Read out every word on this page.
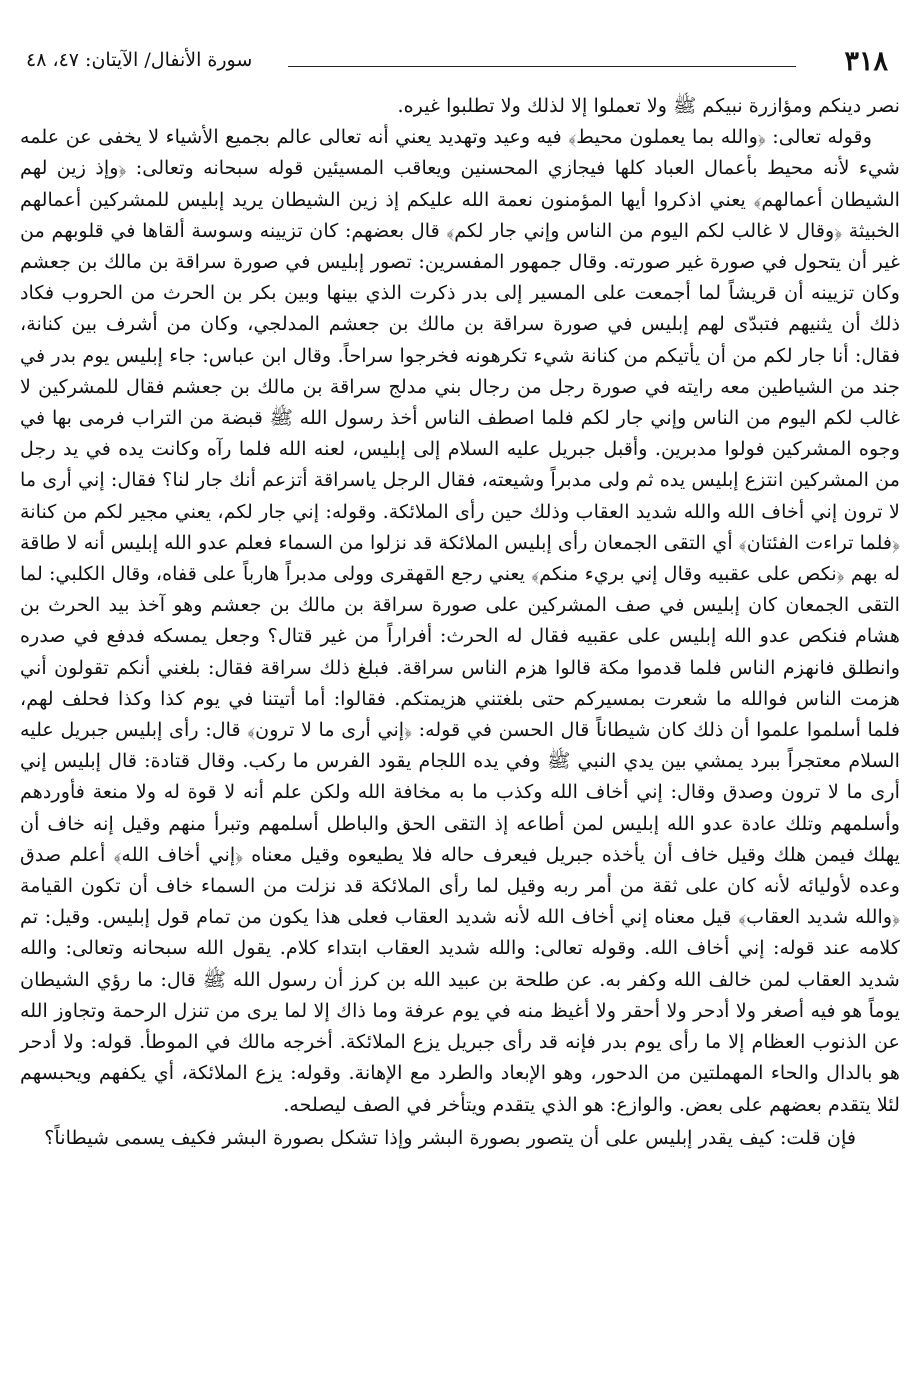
٣١٨
سورة الأنفال/ الآيتان: ٤٧، ٤٨

نصر دينكم ومؤازرة نبيكم ﷺ ولا تعملوا إلا لذلك ولا تطلبوا غيره.

وقوله تعالى: ﴿والله بما يعملون محيط﴾ فيه وعيد وتهديد يعني أنه تعالى عالم بجميع الأشياء لا يخفى عن علمه شيء لأنه محيط بأعمال العباد كلها فيجازي المحسنين ويعاقب المسيئين قوله سبحانه وتعالى: ﴿وإذ زين لهم الشيطان أعمالهم﴾ يعني اذكروا أيها المؤمنون نعمة الله عليكم إذ زين الشيطان يريد إبليس للمشركين أعمالهم الخبيثة ﴿وقال لا غالب لكم اليوم من الناس وإني جار لكم﴾ قال بعضهم: كان تزيينه وسوسة ألقاها في قلوبهم من غير أن يتحول في صورة غير صورته. وقال جمهور المفسرين: تصور إبليس في صورة سراقة بن مالك بن جعشم وكان تزيينه أن قريشاً لما أجمعت على المسير إلى بدر ذكرت الذي بينها وبين بكر بن الحرث من الحروب فكاد ذلك أن يثنيهم فتبدّى لهم إبليس في صورة سراقة بن مالك بن جعشم المدلجي، وكان من أشرف بين كنانة، فقال: أنا جار لكم من أن يأتيكم من كنانة شيء تكرهونه فخرجوا سراحاً. وقال ابن عباس: جاء إبليس يوم بدر في جند من الشياطين معه رايته في صورة رجل من رجال بني مدلج سراقة بن مالك بن جعشم فقال للمشركين لا غالب لكم اليوم من الناس وإني جار لكم فلما اصطف الناس أخذ رسول الله ﷺ قبضة من التراب فرمى بها في وجوه المشركين فولوا مدبرين. وأقبل جبريل عليه السلام إلى إبليس، لعنه الله فلما رآه وكانت يده في يد رجل من المشركين انتزع إبليس يده ثم ولى مدبراً وشيعته، فقال الرجل ياسراقة أتزعم أنك جار لنا؟ فقال: إني أرى ما لا ترون إني أخاف الله والله شديد العقاب وذلك حين رأى الملائكة. وقوله: إني جار لكم، يعني مجير لكم من كنانة ﴿فلما تراءت الفئتان﴾ أي التقى الجمعان رأى إبليس الملائكة قد نزلوا من السماء فعلم عدو الله إبليس أنه لا طاقة له بهم ﴿نكص على عقبيه وقال إني بريء منكم﴾ يعني رجع القهقرى وولى مدبراً هارباً على قفاه، وقال الكلبي: لما التقى الجمعان كان إبليس في صف المشركين على صورة سراقة بن مالك بن جعشم وهو آخذ بيد الحرث بن هشام فنكص عدو الله إبليس على عقبيه فقال له الحرث: أفراراً من غير قتال؟ وجعل يمسكه فدفع في صدره وانطلق فانهزم الناس فلما قدموا مكة قالوا هزم الناس سراقة. فبلغ ذلك سراقة فقال: بلغني أنكم تقولون أني هزمت الناس فوالله ما شعرت بمسيركم حتى بلغتني هزيمتكم. فقالوا: أما أتيتنا في يوم كذا وكذا فحلف لهم، فلما أسلموا علموا أن ذلك كان شيطاناً قال الحسن في قوله: ﴿إني أرى ما لا ترون﴾ قال: رأى إبليس جبريل عليه السلام معتجراً ببرد يمشي بين يدي النبي ﷺ وفي يده اللجام يقود الفرس ما ركب. وقال قتادة: قال إبليس إني أرى ما لا ترون وصدق وقال: إني أخاف الله وكذب ما به مخافة الله ولكن علم أنه لا قوة له ولا منعة فأوردهم وأسلمهم وتلك عادة عدو الله إبليس لمن أطاعه إذ التقى الحق والباطل أسلمهم وتبرأ منهم وقيل إنه خاف أن يهلك فيمن هلك وقيل خاف أن يأخذه جبريل فيعرف حاله فلا يطيعوه وقيل معناه ﴿إني أخاف الله﴾ أعلم صدق وعده لأوليائه لأنه كان على ثقة من أمر ربه وقيل لما رأى الملائكة قد نزلت من السماء خاف أن تكون القيامة ﴿والله شديد العقاب﴾ قيل معناه إني أخاف الله لأنه شديد العقاب فعلى هذا يكون من تمام قول إبليس. وقيل: تم كلامه عند قوله: إني أخاف الله. وقوله تعالى: والله شديد العقاب ابتداء كلام. يقول الله سبحانه وتعالى: والله شديد العقاب لمن خالف الله وكفر به. عن طلحة بن عبيد الله بن كرز أن رسول الله ﷺ قال: ما رؤي الشيطان يوماً هو فيه أصغر ولا أدحر ولا أحقر ولا أغيظ منه في يوم عرفة وما ذاك إلا لما يرى من تنزل الرحمة وتجاوز الله عن الذنوب العظام إلا ما رأى يوم بدر فإنه قد رأى جبريل يزع الملائكة. أخرجه مالك في الموطأ. قوله: ولا أدحر هو بالدال والحاء المهملتين من الدحور، وهو الإبعاد والطرد مع الإهانة. وقوله: يزع الملائكة، أي يكفهم ويحبسهم لئلا يتقدم بعضهم على بعض. والوازع: هو الذي يتقدم ويتأخر في الصف ليصلحه.

فإن قلت: كيف يقدر إبليس على أن يتصور بصورة البشر وإذا تشكل بصورة البشر فكيف يسمى شيطاناً؟
